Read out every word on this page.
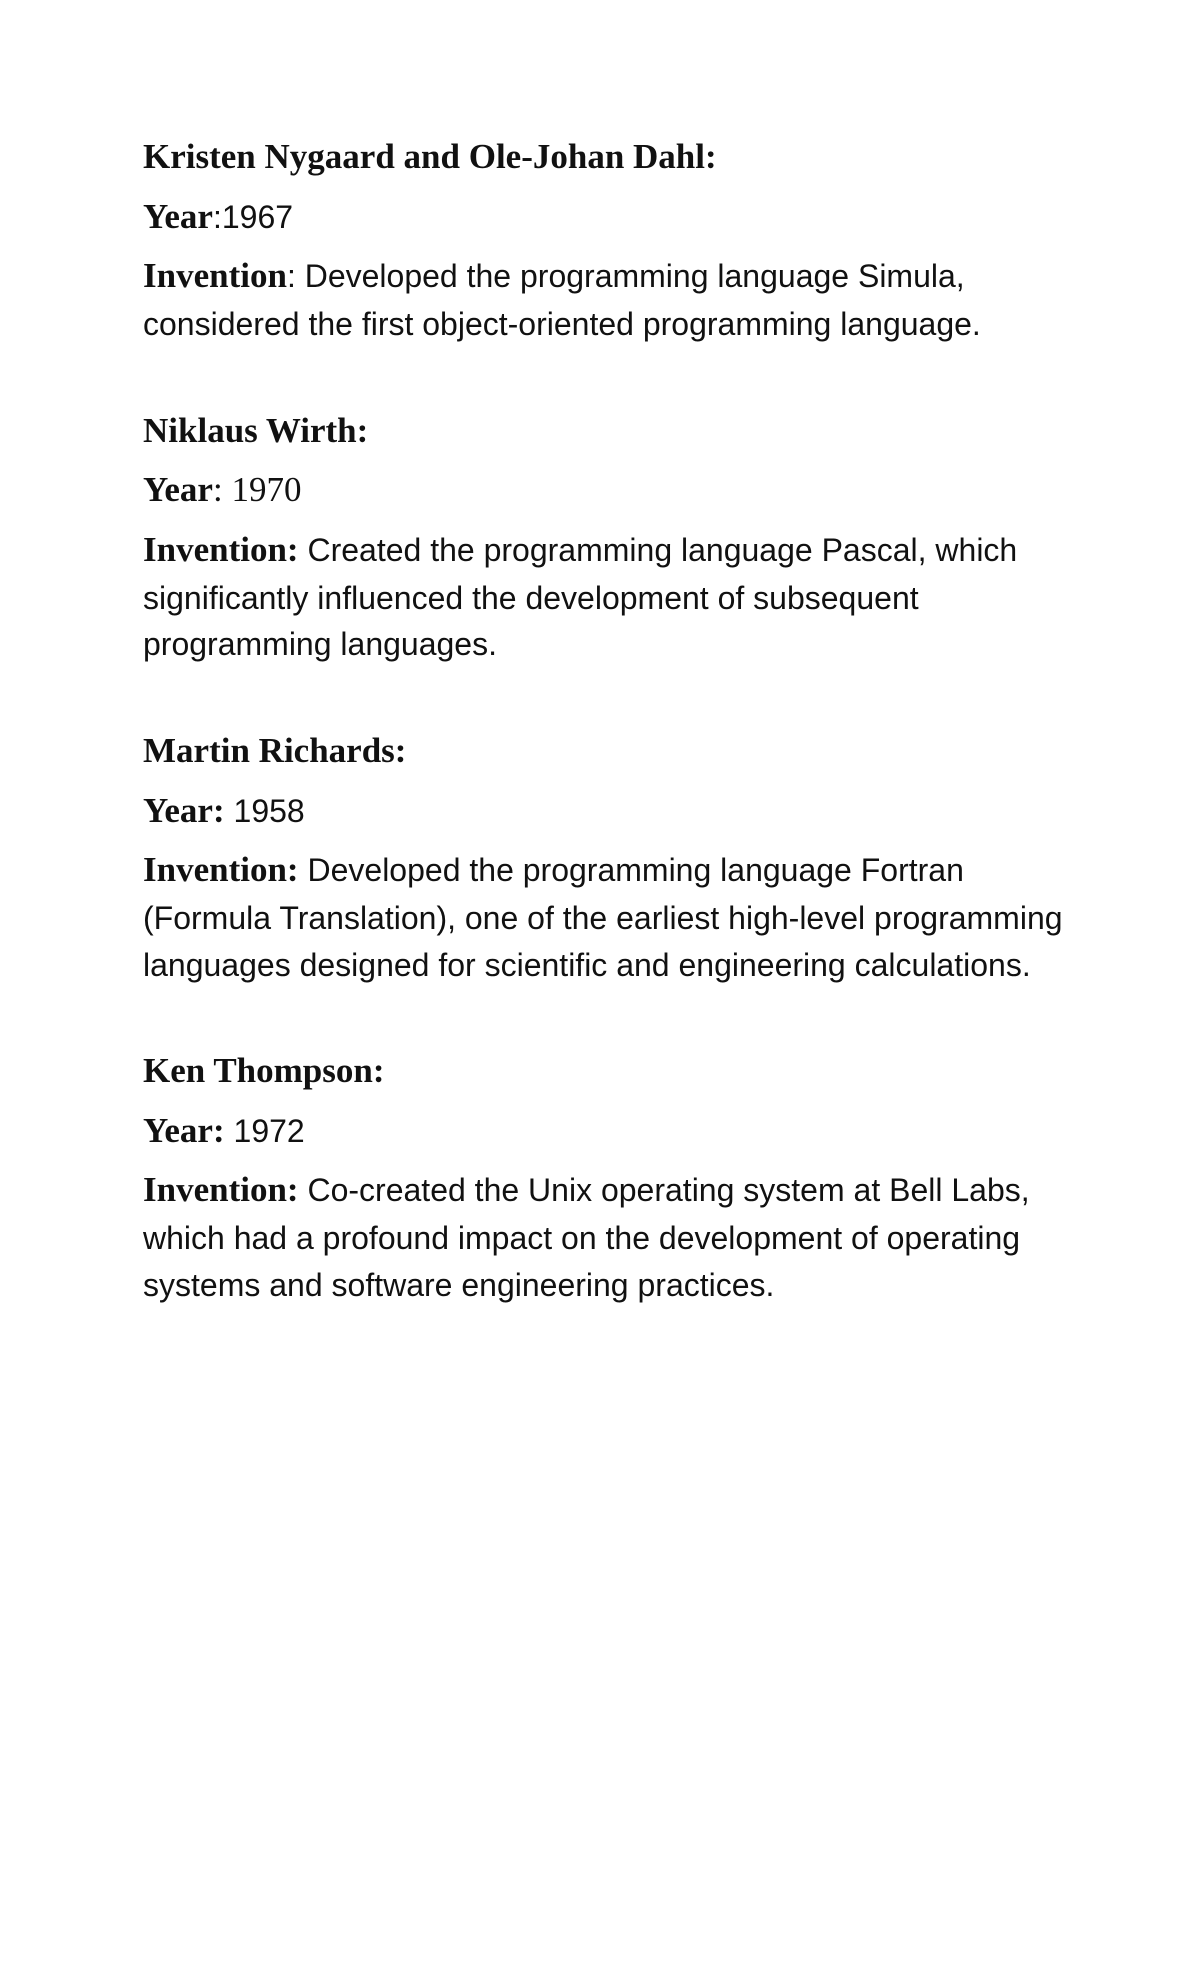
Kristen Nygaard and Ole-Johan Dahl:
Year:1967
Invention: Developed the programming language Simula, considered the first object-oriented programming language.
Niklaus Wirth:
Year: 1970
Invention: Created the programming language Pascal, which significantly influenced the development of subsequent programming languages.
Martin Richards:
Year: 1958
Invention: Developed the programming language Fortran (Formula Translation), one of the earliest high-level programming languages designed for scientific and engineering calculations.
Ken Thompson:
Year: 1972
Invention: Co-created the Unix operating system at Bell Labs, which had a profound impact on the development of operating systems and software engineering practices.
